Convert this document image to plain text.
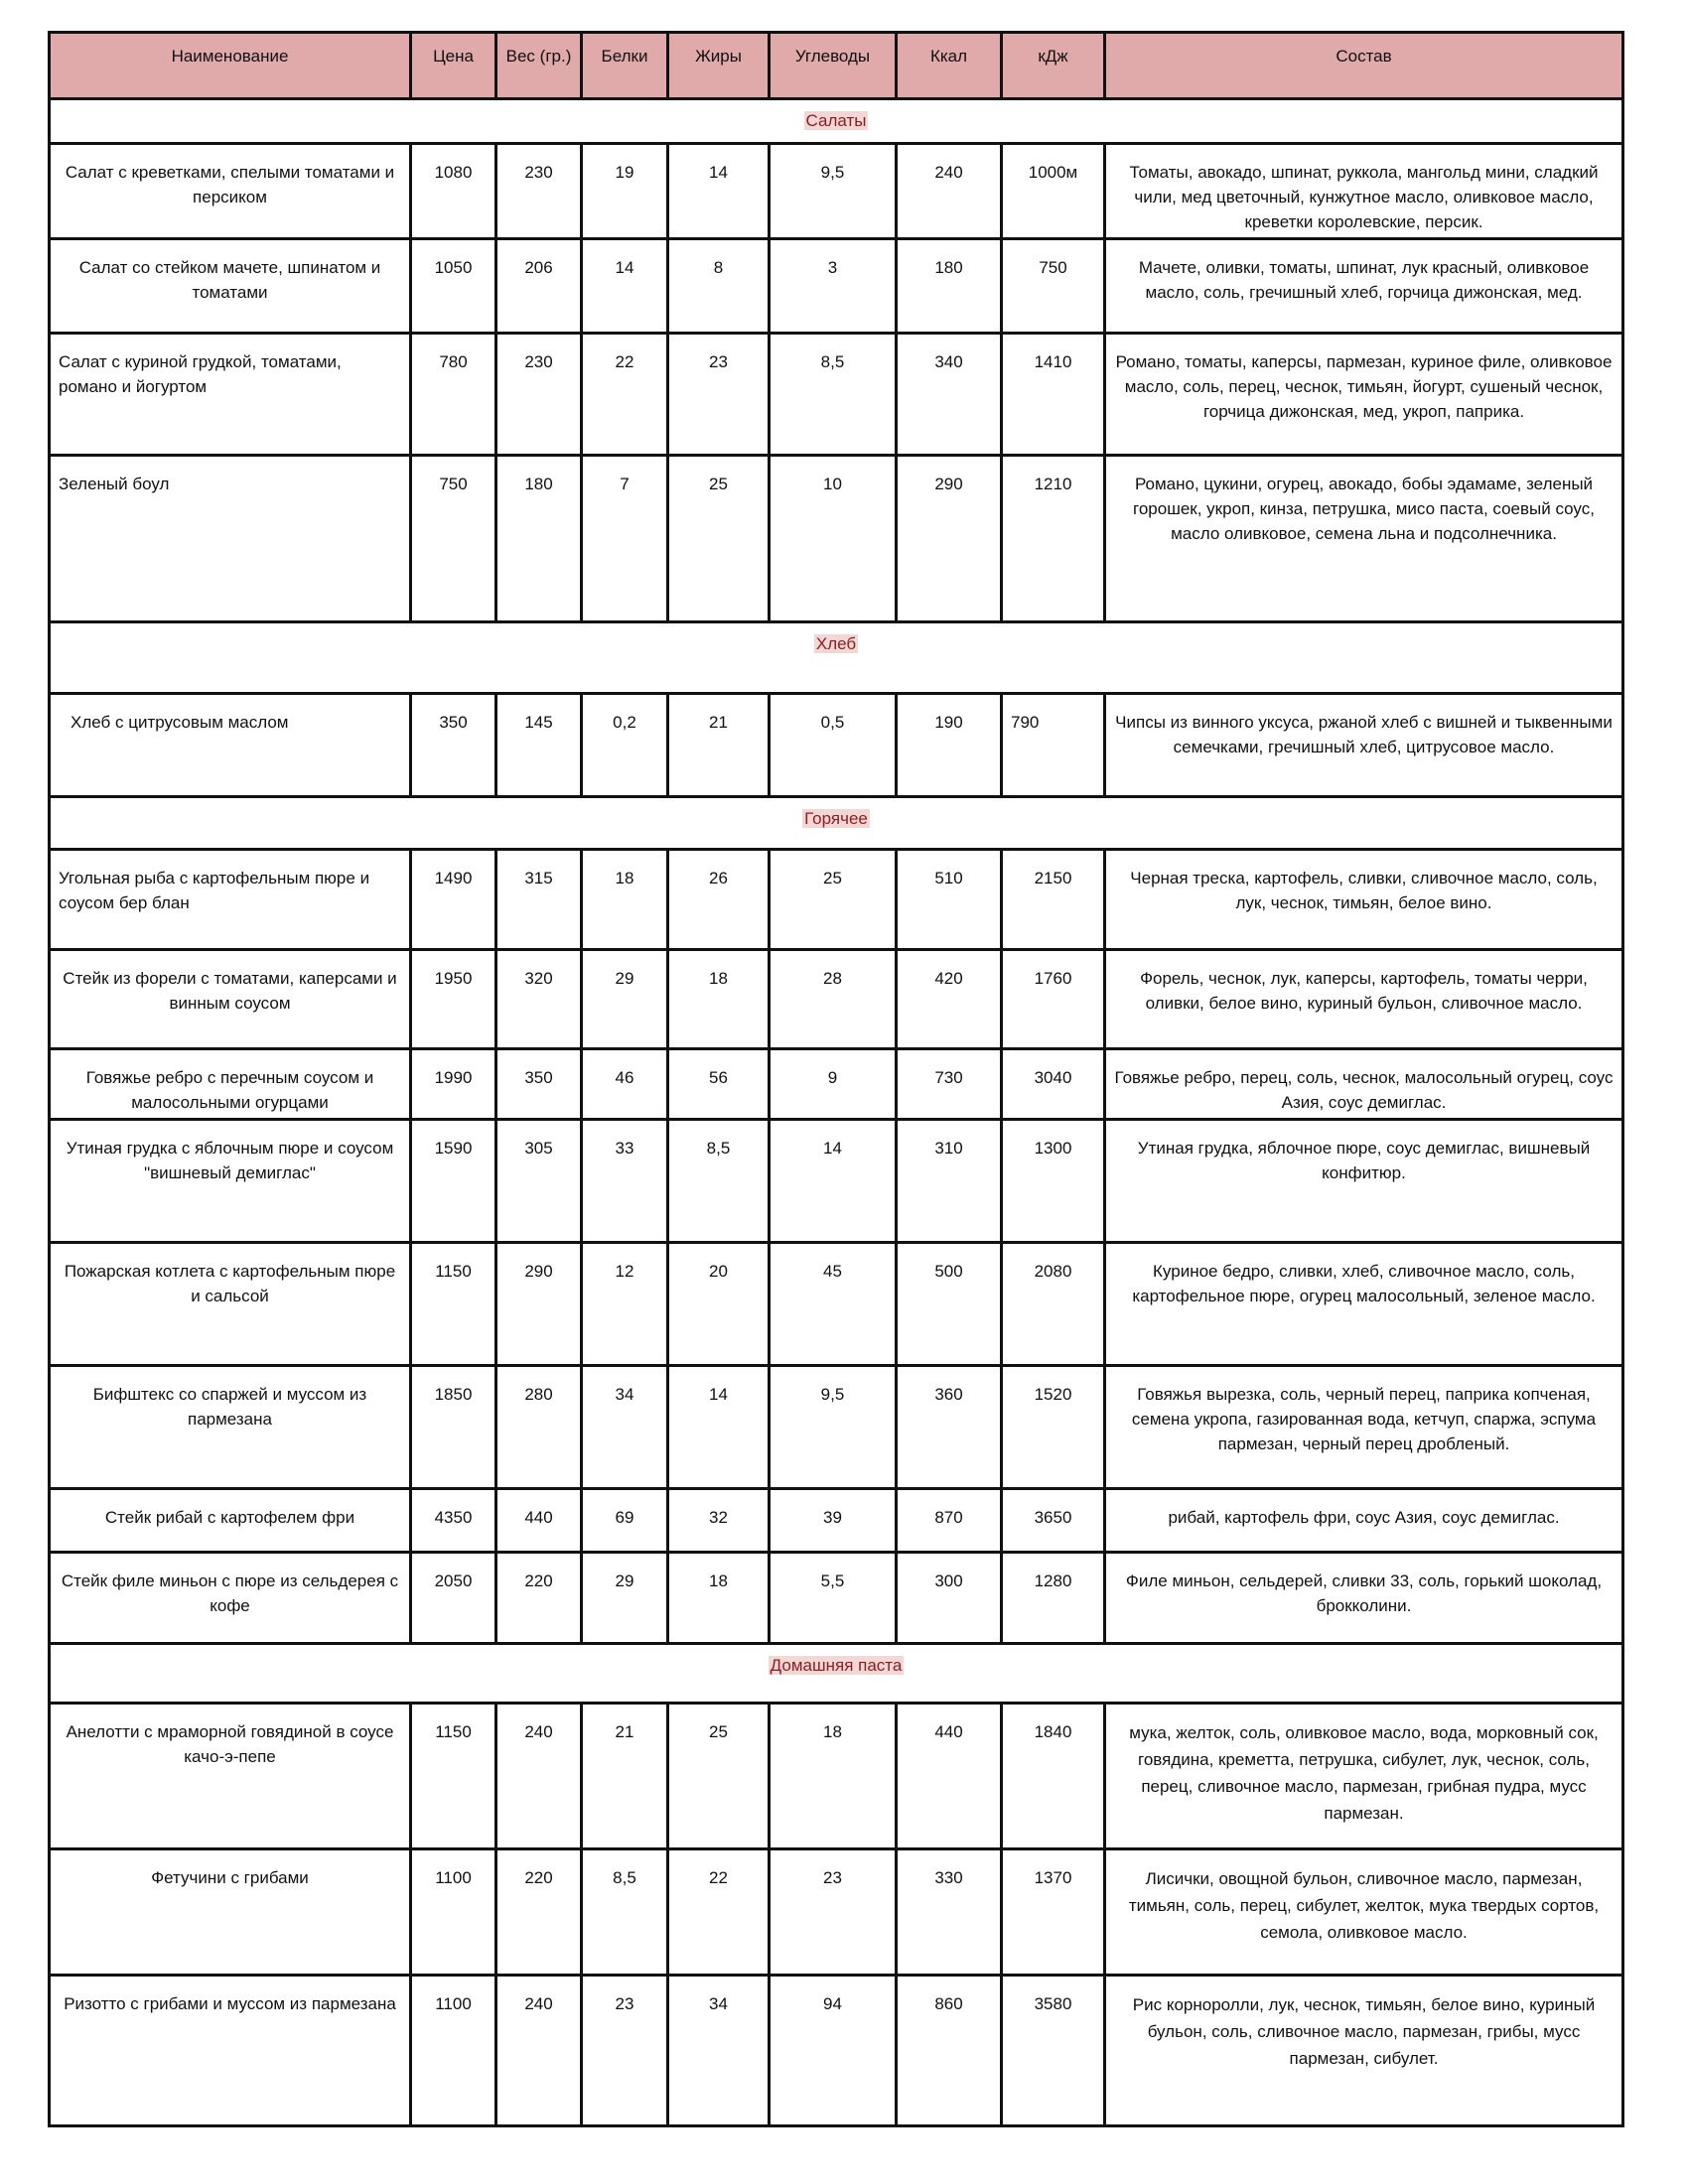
Наименование	Цена	Вес (гр.)	Белки	Жиры	Углеводы	Ккал	кДж	Состав
Салаты								
Салат с креветками, спелыми томатами и персиком	1080	230	19	14	9,5	240	1000м	Томаты, авокадо, шпинат, руккола, мангольд мини, сладкий чили, мед цветочный, кунжутное масло, оливковое масло, креветки королевские, персик.
Салат со стейком мачете, шпинатом и томатами	1050	206	14	8	3	180	750	Мачете, оливки, томаты, шпинат, лук красный, оливковое масло, соль, гречишный хлеб, горчица дижонская, мед.
Салат с куриной грудкой, томатами, романо и йогуртом	780	230	22	23	8,5	340	1410	Романо, томаты, каперсы, пармезан, куриное филе, оливковое масло, соль, перец, чеснок, тимьян, йогурт, сушеный чеснок, горчица дижонская, мед, укроп, паприка.
Зеленый боул	750	180	7	25	10	290	1210	Романо, цукини, огурец, авокадо, бобы эдамаме, зеленый горошек, укроп, кинза, петрушка, мисо паста, соевый соус, масло оливковое, семена льна и подсолнечника.
Хлеб								
Хлеб с цитрусовым маслом	350	145	0,2	21	0,5	190	790	Чипсы из винного уксуса, ржаной хлеб с вишней и тыквенными семечками, гречишный хлеб, цитрусовое масло.
Горячее								
Угольная рыба с картофельным пюре и соусом бер блан	1490	315	18	26	25	510	2150	Черная треска, картофель, сливки, сливочное масло, соль, лук, чеснок, тимьян, белое вино.
Стейк из форели с томатами, каперсами и винным соусом	1950	320	29	18	28	420	1760	Форель, чеснок, лук, каперсы, картофель, томаты черри, оливки, белое вино, куриный бульон, сливочное масло.
Говяжье ребро с перечным соусом и малосольными огурцами	1990	350	46	56	9	730	3040	Говяжье ребро, перец, соль, чеснок, малосольный огурец, соус Азия, соус демиглас.
Утиная грудка с яблочным пюре и соусом "вишневый демиглас"	1590	305	33	8,5	14	310	1300	Утиная грудка, яблочное пюре, соус демиглас, вишневый конфитюр.
Пожарская котлета с картофельным пюре и сальсой	1150	290	12	20	45	500	2080	Куриное бедро, сливки, хлеб, сливочное масло, соль, картофельное пюре, огурец малосольный, зеленое масло.
Бифштекс со спаржей и муссом из пармезана	1850	280	34	14	9,5	360	1520	Говяжья вырезка, соль, черный перец, паприка копченая, семена укропа, газированная вода, кетчуп, спаржа, эспума пармезан, черный перец дробленый.
Стейк рибай с картофелем фри	4350	440	69	32	39	870	3650	рибай, картофель фри, соус Азия, соус демиглас.
Стейк филе миньон с пюре из сельдерея с кофе	2050	220	29	18	5,5	300	1280	Филе миньон, сельдерей, сливки 33, соль, горький шоколад, брокколини.
Домашняя паста								
Анелотти с мраморной говядиной в соусе качо-э-пепе	1150	240	21	25	18	440	1840	мука, желток, соль, оливковое масло, вода, морковный сок, говядина, креметта, петрушка, сибулет, лук, чеснок, соль, перец, сливочное масло, пармезан, грибная пудра, мусс пармезан.
Фетучини с грибами	1100	220	8,5	22	23	330	1370	Лисички, овощной бульон, сливочное масло, пармезан, тимьян, соль, перец, сибулет, желток, мука твердых сортов, семола, оливковое масло.
Ризотто с грибами и муссом из пармезана	1100	240	23	34	94	860	3580	Рис корноролли, лук, чеснок, тимьян, белое вино, куриный бульон, соль, сливочное масло, пармезан, грибы, мусс пармезан, сибулет.
